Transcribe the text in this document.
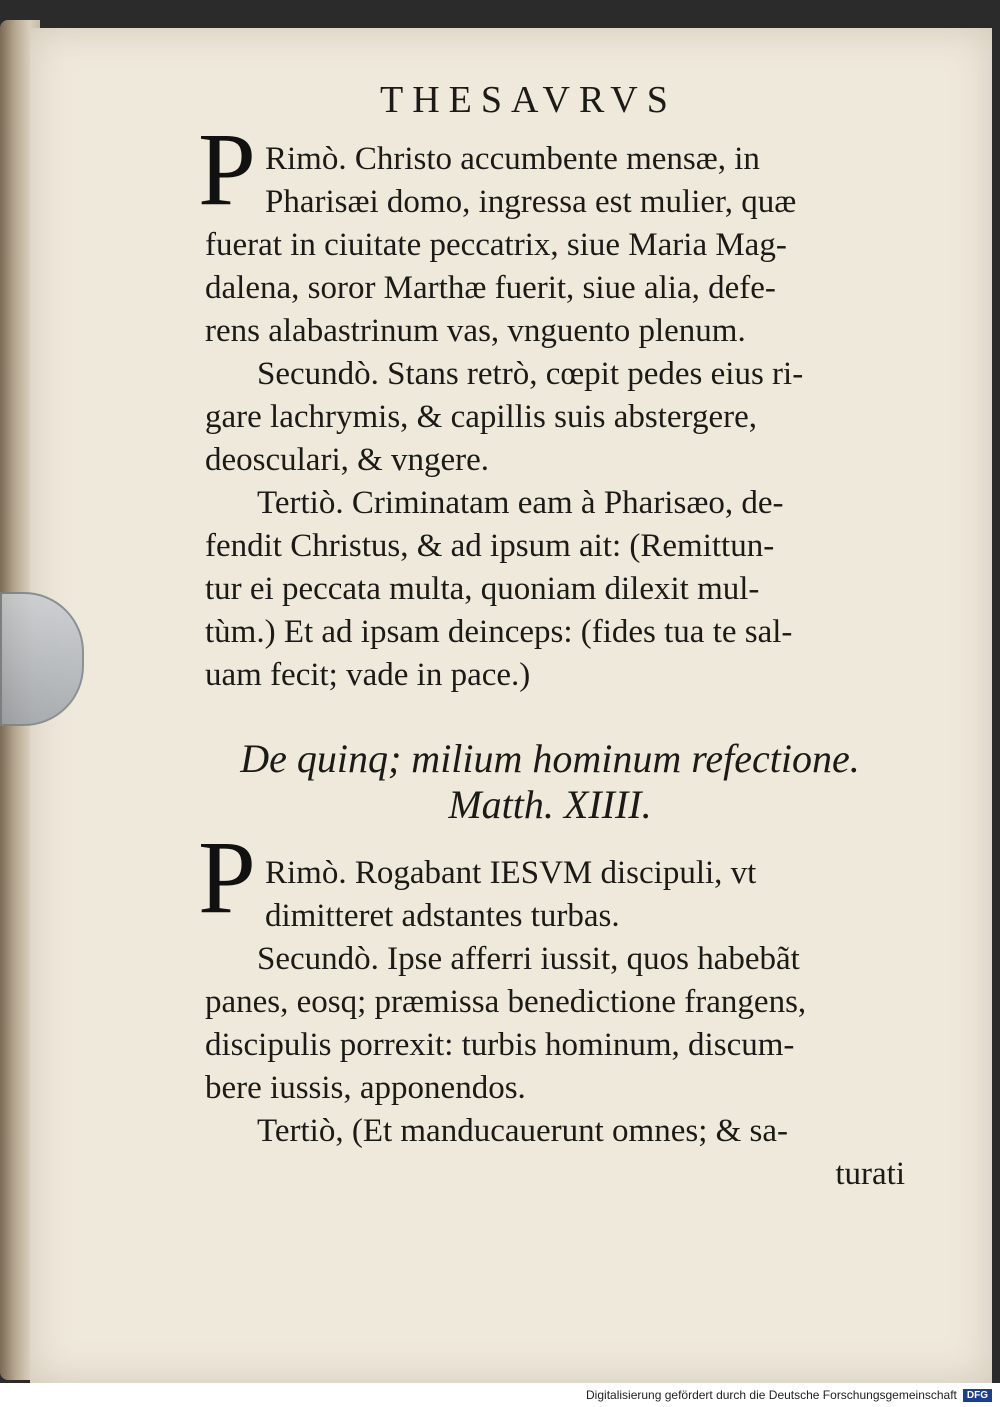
THESAVRVS
P Rimò. Christo accumbente mensæ, in
Pharisæi domo, ingressa est mulier, quæ
fuerat in ciuitate peccatrix, siue Maria Mag-
dalena, soror Marthæ fuerit, siue alia, defe-
rens alabastrinum vas, vnguento plenum.
Secundò. Stans retrò, cœpit pedes eius ri-
gare lachrymis, & capillis suis abstergere,
deosculari, & vngere.
Tertiò. Criminatam eam à Pharisæo, de-
fendit Christus, & ad ipsum ait: (Remittun-
tur ei peccata multa, quoniam dilexit mul-
tùm.) Et ad ipsam deinceps: (fides tua te sal-
uam fecit; vade in pace.)
De quinq; milium hominum refectione.
Matth. XIIII.
P Rimò. Rogabant IESVM discipuli, vt
dimitteret adstantes turbas.
Secundò. Ipse afferri iussit, quos habebãt
panes, eosq; præmissa benedictione frangens,
discipulis porrexit: turbis hominum, discum-
bere iussis, apponendos.
Tertiò, (Et manducauerunt omnes; & sa-
turati
Digitalisierung gefördert durch die Deutsche Forschungsgemeinschaft	DFG
